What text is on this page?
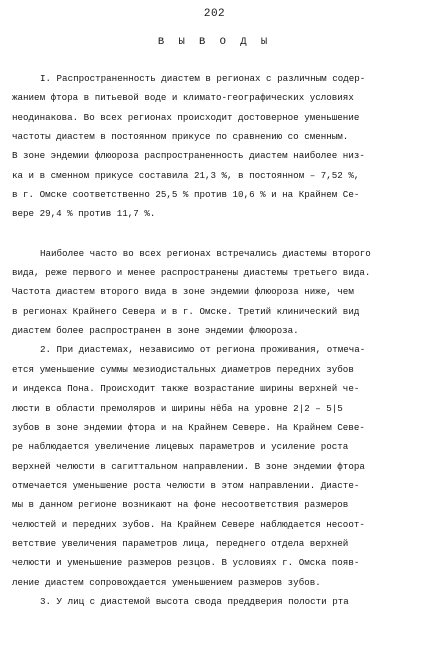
202
В Ы В О Д Ы
I. Распространенность диастем в регионах с различным содер-
жанием фтора в питьевой воде и климато-географических условиях
неодинакова. Во всех регионах происходит достоверное уменьшение
частоты диастем в постоянном прикусе по сравнению со сменным.
В зоне эндемии флюороза распространенность диастем наиболее низ-
ка и в сменном прикусе составила 21,3 %, в постоянном – 7,52 %,
в г. Омске соответственно 25,5 % против 10,6 % и на Крайнем Се-
вере 29,4 % против 11,7 %.
Наиболее часто во всех регионах встречались диастемы второго
вида, реже первого и менее распространены диастемы третьего вида.
Частота диастем второго вида в зоне эндемии флюороза ниже, чем
в регионах Крайнего Севера и в г. Омске. Третий клинический вид
диастем более распространен в зоне эндемии флюороза.
2. При диастемах, независимо от региона проживания, отмеча-
ется уменьшение суммы мезиодистальных диаметров передних зубов
и индекса Пона. Происходит также возрастание ширины верхней че-
люсти в области премоляров и ширины нёба на уровне 2|2 – 5|5
зубов в зоне эндемии фтора и на Крайнем Севере. На Крайнем Севе-
ре наблюдается увеличение лицевых параметров и усиление роста
верхней челюсти в сагиттальном направлении. В зоне эндемии фтора
отмечается уменьшение роста челюсти в этом направлении. Диасте-
мы в данном регионе возникают на фоне несоответствия размеров
челюстей и передних зубов. На Крайнем Севере наблюдается несоот-
ветствие увеличения параметров лица, переднего отдела верхней
челюсти и уменьшение размеров резцов. В условиях г. Омска появ-
ление диастем сопровождается уменьшением размеров зубов.
3. У лиц с диастемой высота свода преддверия полости рта
